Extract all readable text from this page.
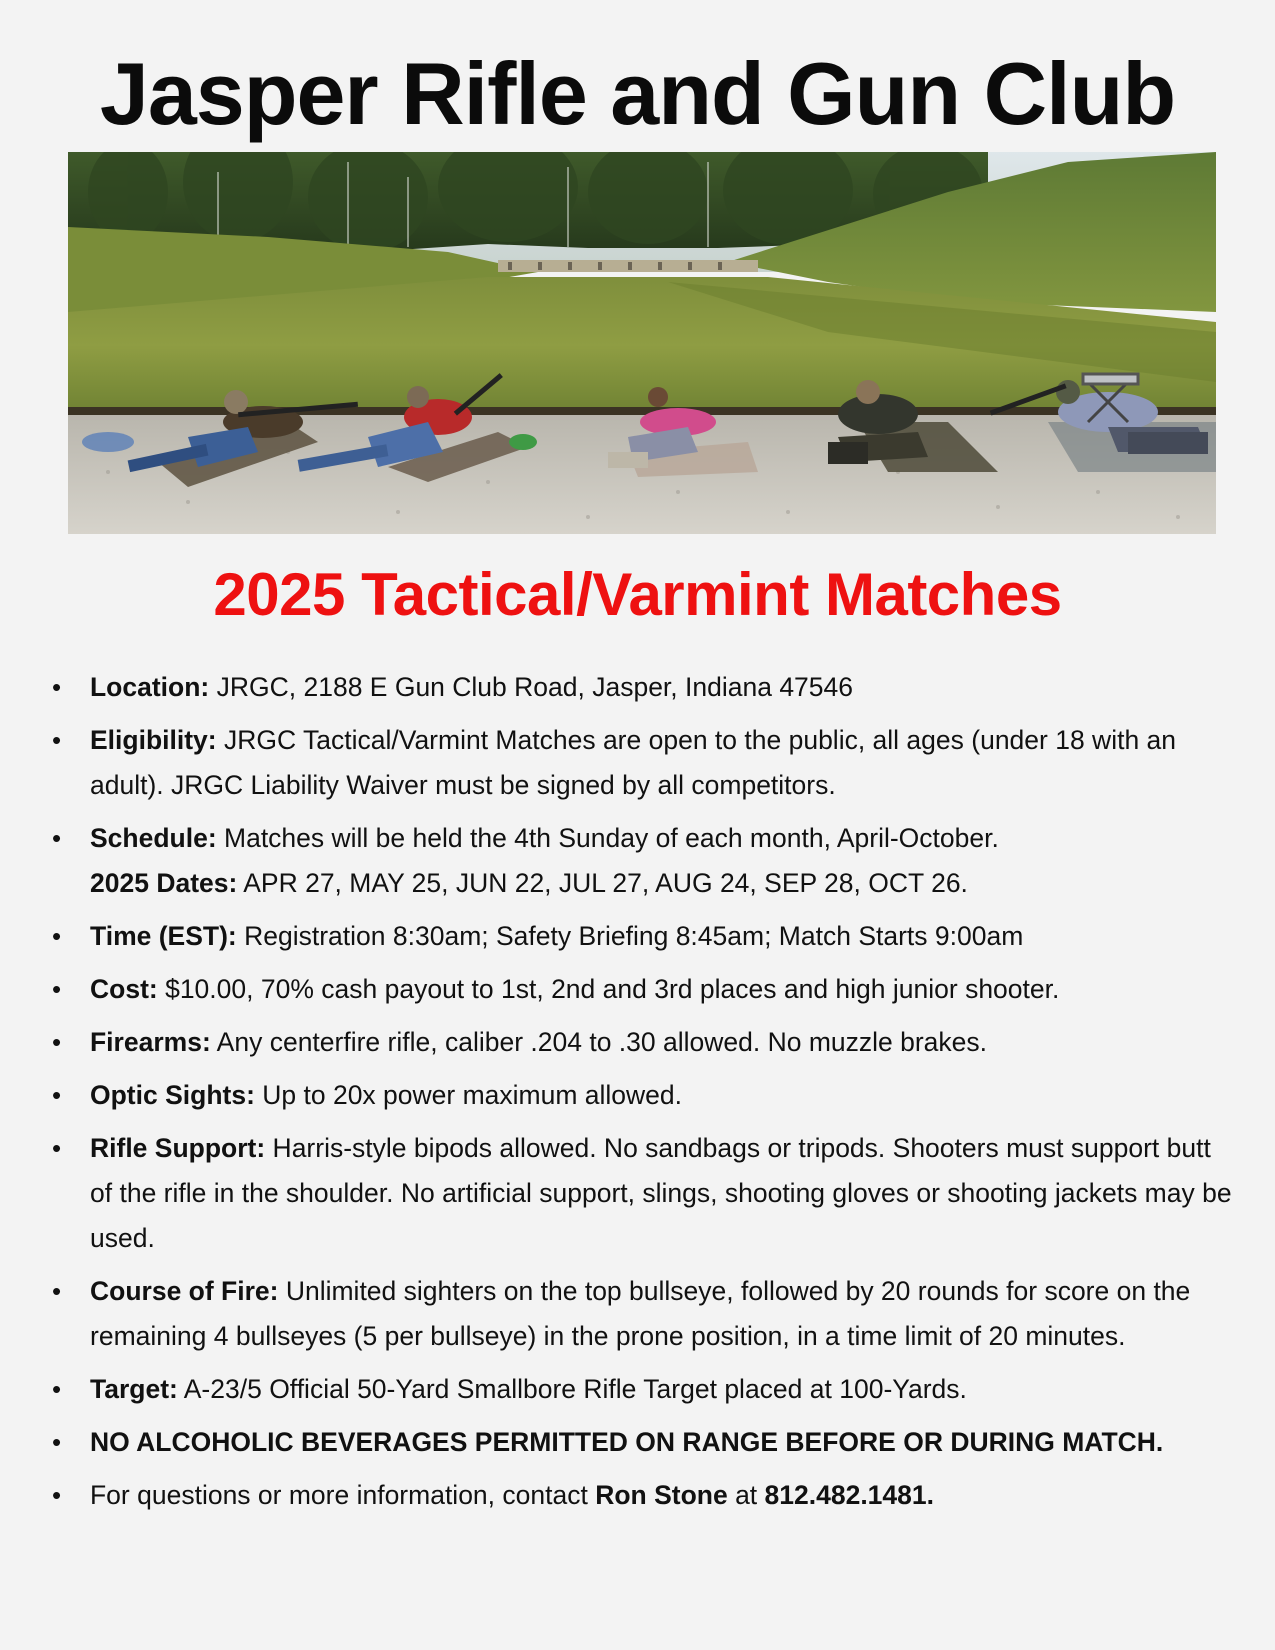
Jasper Rifle and Gun Club
2025 Tactical/Varmint Matches
• Location: JRGC, 2188 E Gun Club Road, Jasper, Indiana 47546
• Eligibility: JRGC Tactical/Varmint Matches are open to the public, all ages (under 18 with an adult). JRGC Liability Waiver must be signed by all competitors.
• Schedule: Matches will be held the 4th Sunday of each month, April-October.
2025 Dates: APR 27, MAY 25, JUN 22, JUL 27, AUG 24, SEP 28, OCT 26.
• Time (EST): Registration 8:30am; Safety Briefing 8:45am; Match Starts 9:00am
• Cost: $10.00, 70% cash payout to 1st, 2nd and 3rd places and high junior shooter.
• Firearms: Any centerfire rifle, caliber .204 to .30 allowed. No muzzle brakes.
• Optic Sights: Up to 20x power maximum allowed.
• Rifle Support: Harris-style bipods allowed. No sandbags or tripods. Shooters must support butt of the rifle in the shoulder. No artificial support, slings, shooting gloves or shooting jackets may be used.
• Course of Fire: Unlimited sighters on the top bullseye, followed by 20 rounds for score on the remaining 4 bullseyes (5 per bullseye) in the prone position, in a time limit of 20 minutes.
• Target: A-23/5 Official 50-Yard Smallbore Rifle Target placed at 100-Yards.
• NO ALCOHOLIC BEVERAGES PERMITTED ON RANGE BEFORE OR DURING MATCH.
• For questions or more information, contact Ron Stone at 812.482.1481.
